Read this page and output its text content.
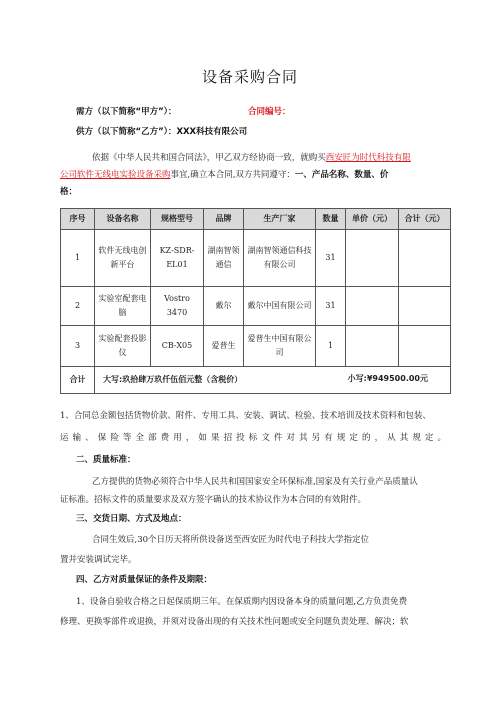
设备采购合同
需方（以下简称“甲方”）：	合同编号：
供方（以下简称“乙方”）：XXX科技有限公司
依据《中华人民共和国合同法》，甲乙双方经协商一致，就购买西安匠为时代科技有限
公司软件无线电实验设备采购事宜,确立本合同,双方共同遵守：一、产品名称、数量、价
格：
序号	设备名称	规格型号	品牌	生产厂家	数量	单价（元）	合计（元）
1	软件无线电创新平台	KZ-SDR-EL01	湖南智领通信	湖南智领通信科技有限公司	31		
2	实验室配套电脑	Vostro 3470	戴尔	戴尔中国有限公司	31		
3	实验配套投影仪	CB-X05	爱普生	爱普生中国有限公司	1		
合计	大写:玖拾肆万玖仟伍佰元整（含税价） 小写:¥949500.00元						
1、合同总金额包括货物价款、附件、专用工具、安装、调试、检验、技术培训及技术资料和包装、
运输、保险等全部费用，如果招投标文件对其另有规定的，从其规定。
二、质量标准：
乙方提供的货物必须符合中华人民共和国国家安全环保标准,国家及有关行业产品质量认
证标准。招标文件的质量要求及双方签字确认的技术协议作为本合同的有效附件。
三、交货日期、方式及地点：
合同生效后,30个日历天将所供设备送至西安匠为时代电子科技大学指定位
置并安装调试完毕。
四、乙方对质量保证的条件及期限：
1、设备自验收合格之日起保质期三年。在保质期内因设备本身的质量问题,乙方负责免费
修理、更换零部件或退换，并须对设备出现的有关技术性问题或安全问题负责处理、解决；软
